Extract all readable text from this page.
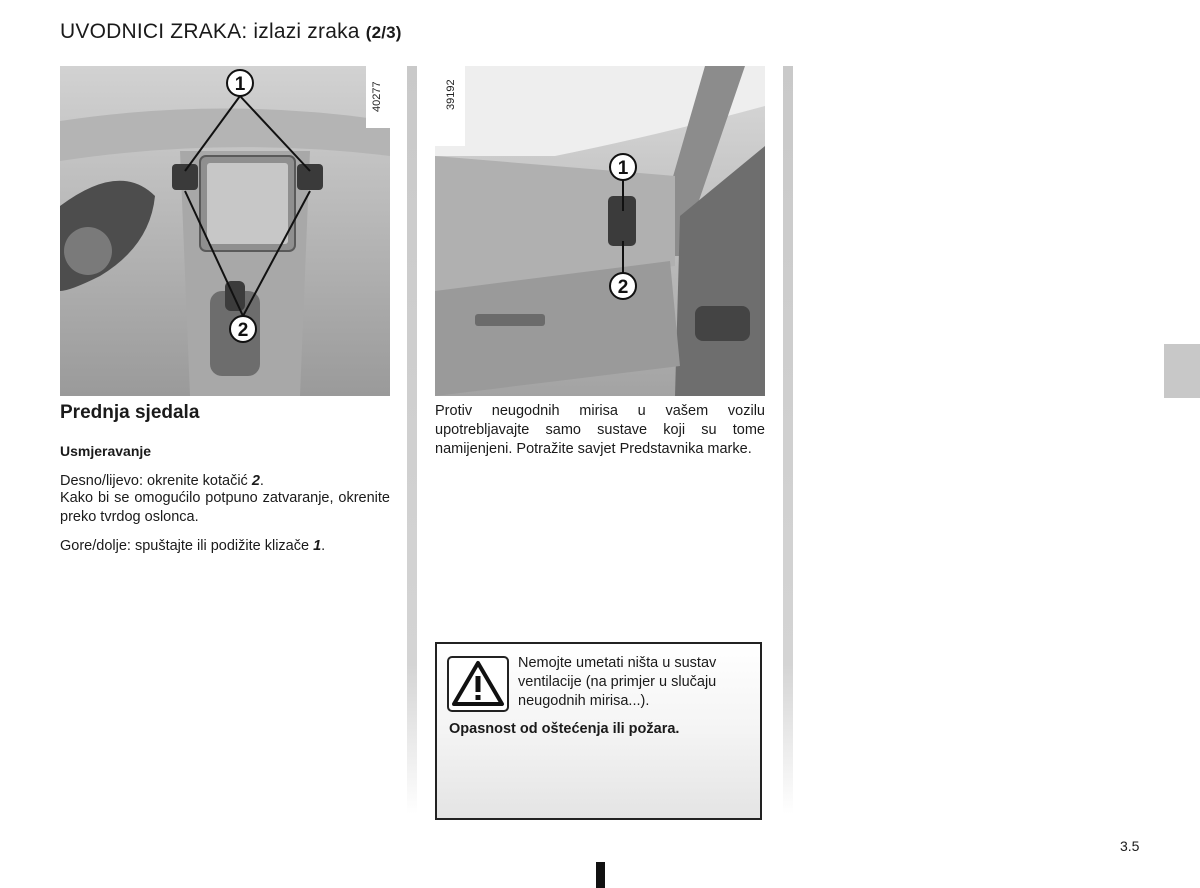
UVODNICI ZRAKA: izlazi zraka (2/3)
1
2
40277
1
2
39192
Prednja sjedala
Usmjeravanje
Desno/lijevo: okrenite kotačić 2.
Kako bi se omogućilo potpuno zatvaranje, okrenite preko tvrdog oslonca.
Gore/dolje: spuštajte ili podižite klizače 1.
Protiv neugodnih mirisa u vašem vozilu upotrebljavajte samo sustave koji su tome namijenjeni. Potražite savjet Predstavnika marke.
Nemojte umetati ništa u sustav ventilacije (na primjer u slučaju neugodnih mirisa...).
Opasnost od oštećenja ili požara.
3.5
